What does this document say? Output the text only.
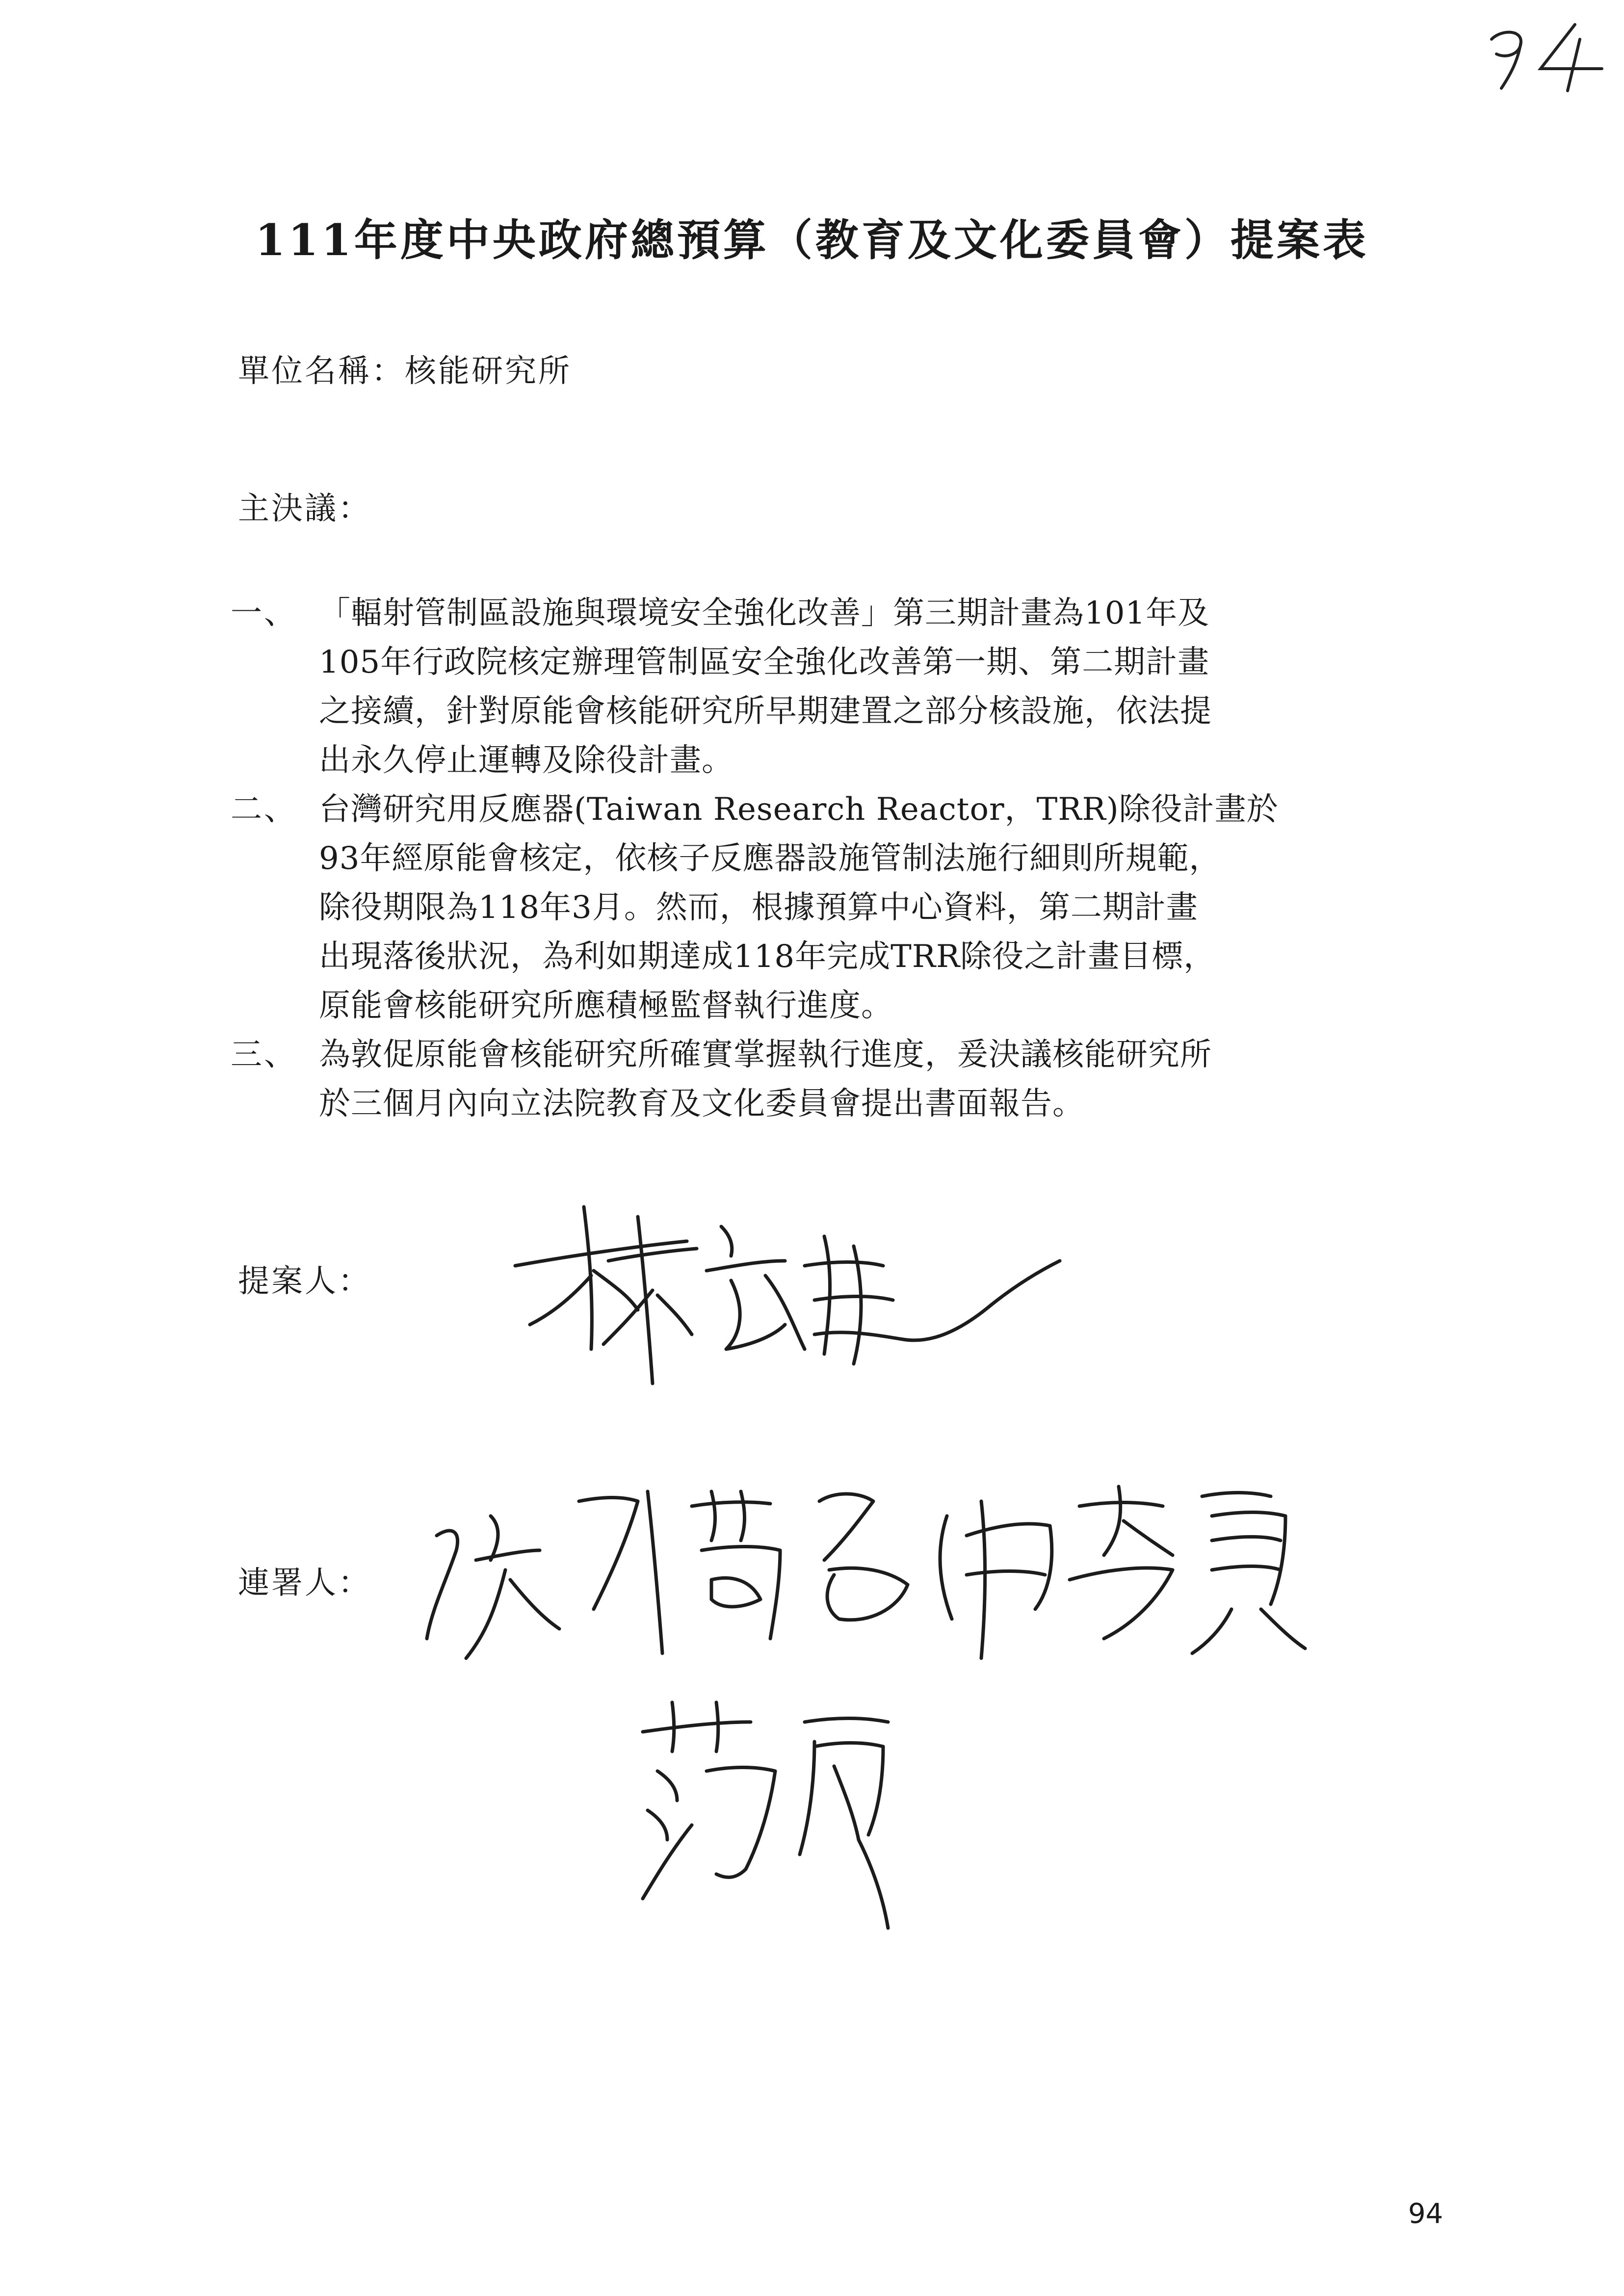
111年度中央政府總預算（教育及文化委員會）提案表
單位名稱：核能研究所
主決議：
一、 「輻射管制區設施與環境安全強化改善」第三期計畫為101年及
105年行政院核定辦理管制區安全強化改善第一期、第二期計畫
之接續，針對原能會核能研究所早期建置之部分核設施，依法提
出永久停止運轉及除役計畫。
二、 台灣研究用反應器(Taiwan Research Reactor，TRR)除役計畫於
93年經原能會核定，依核子反應器設施管制法施行細則所規範，
除役期限為118年3月。然而，根據預算中心資料，第二期計畫
出現落後狀況，為利如期達成118年完成TRR除役之計畫目標，
原能會核能研究所應積極監督執行進度。
三、 為敦促原能會核能研究所確實掌握執行進度，爰決議核能研究所
於三個月內向立法院教育及文化委員會提出書面報告。
提案人：
連署人：
94
